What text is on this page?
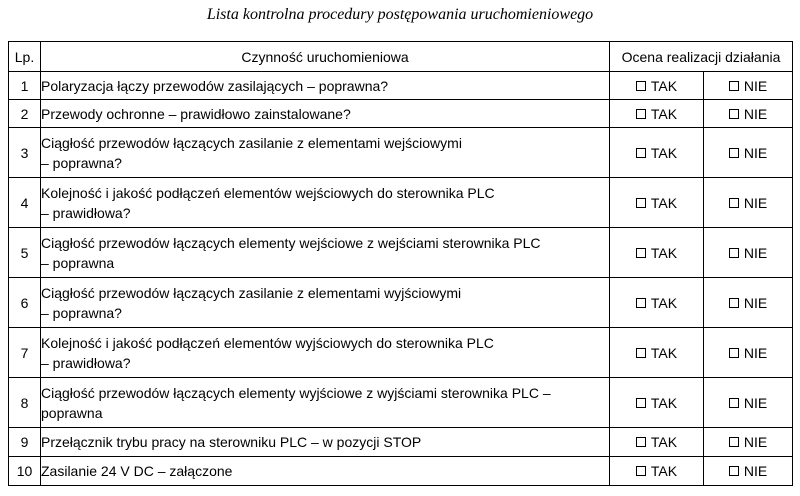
Lista kontrolna procedury postępowania uruchomieniowego
Lp.	Czynność uruchomieniowa	Ocena realizacji działania	
1	Polaryzacja łączy przewodów zasilających – poprawna?	TAK	NIE
2	Przewody ochronne – prawidłowo zainstalowane?	TAK	NIE
3	Ciągłość przewodów łączących zasilanie z elementami wejściowymi
– poprawna?	TAK	NIE
4	Kolejność i jakość podłączeń elementów wejściowych do sterownika PLC
– prawidłowa?	TAK	NIE
5	Ciągłość przewodów łączących elementy wejściowe z wejściami sterownika PLC
– poprawna	TAK	NIE
6	Ciągłość przewodów łączących zasilanie z elementami wyjściowymi
– poprawna?	TAK	NIE
7	Kolejność i jakość podłączeń elementów wyjściowych do sterownika PLC
– prawidłowa?	TAK	NIE
8	Ciągłość przewodów łączących elementy wyjściowe z wyjściami sterownika PLC –
poprawna	TAK	NIE
9	Przełącznik trybu pracy na sterowniku PLC – w pozycji STOP	TAK	NIE
10	Zasilanie 24 V DC – załączone	TAK	NIE
